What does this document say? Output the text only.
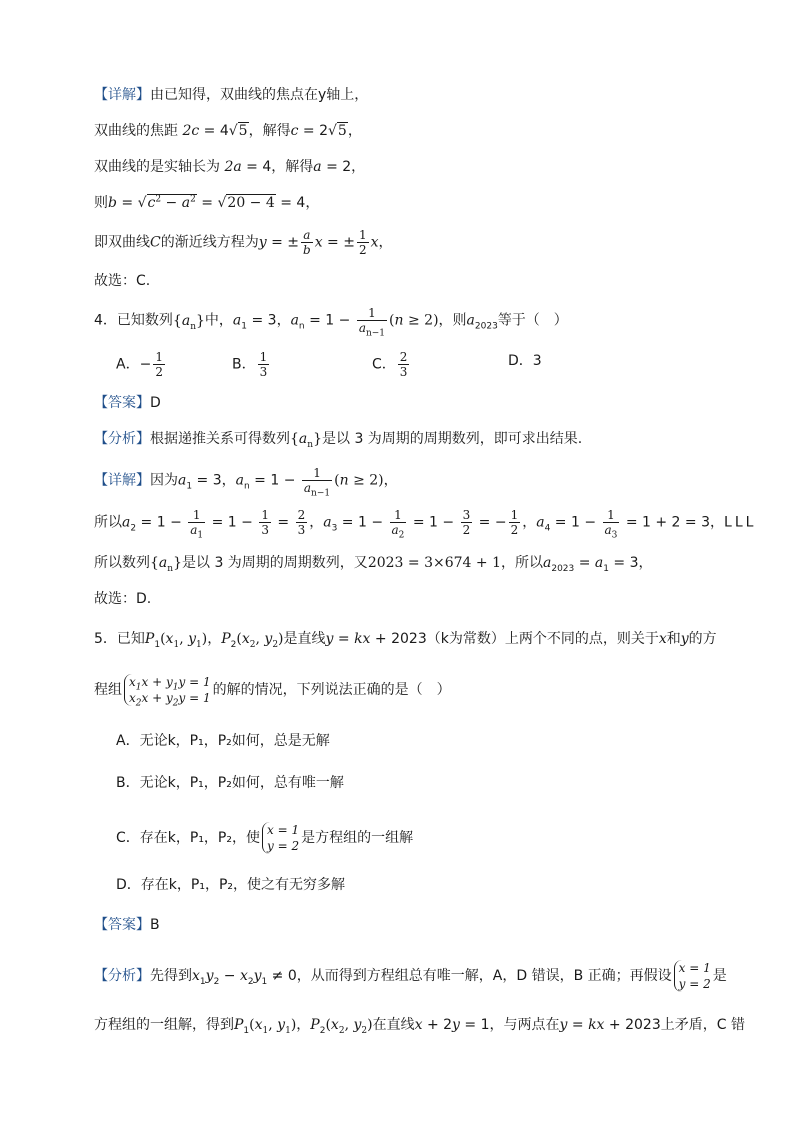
【详解】由已知得，双曲线的焦点在y轴上，
双曲线的焦距 2c = 4√5，解得c = 2√5，
双曲线的是实轴长为 2a = 4，解得a = 2，
则$b = √c^2 - a^2 = √20 - 4 = 4$，
即双曲线C的渐近线方程为y = ± $\frac{a}{b}$ x = ± $\frac{1}{2}$ x，
故选：C.
4．已知数列$\{a_n\}$中，$a_1 = 3$，$a_n = 1 - \frac{1}{a_{n-1}} (n \ge 2)$，则$a_{2023}$等于（　）
A．− $\frac{1}{2}$	B． $\frac{1}{3}$	C． $\frac{2}{3}$	D．3
【答案】D
【分析】根据递推关系可得数列$\{a_n\}$是以 3 为周期的周期数列，即可求出结果.
【详解】因为$a_1 = 3$，$a_n = 1 - \frac{1}{a_{n-1}} (n \ge 2)$，
所以$a_2 = 1 - \frac{1}{a_1} = 1 - \frac{1}{3} = \frac{2}{3}$ ，$a_3 = 1 - \frac{1}{a_2} = 1 - \frac{3}{2}$ = − $\frac{1}{2}$ ，$a_4 = 1 - \frac{1}{a_3} = 1 + 2 = 3$，LLL
所以数列$\{a_n\}$是以 3 为周期的周期数列，又2023 = 3×674 + 1，所以$a_{2023} = a_1 = 3$，
故选：D.
5．已知$P_1(x_1$, $y_1$)，$P_2(x_2$, $y_2$)是直线y = kx + 2023（k为常数）上两个不同的点，则关于x和y的方
程组 $x_1x + y_1y = 1$
$x_2x + y_2y = 1$ 的解的情况，下列说法正确的是（　）
A．无论k，P₁，P₂如何，总是无解
B．无论k，P₁，P₂如何，总有唯一解
C．存在k，P₁，P₂，使 x = 1
y = 2 是方程组的一组解
D．存在k，P₁，P₂，使之有无穷多解
【答案】B
【分析】先得到$x_1y_2 - x_2y_1 \ne 0$，从而得到方程组总有唯一解，A，D 错误，B 正确；再假设 x = 1
y = 2 是
方程组的一组解，得到$P_1(x_1$, $y_1$)，$P_2(x_2$, $y_2$)在直线x + 2y = 1，与两点在y = kx + 2023上矛盾，C 错
